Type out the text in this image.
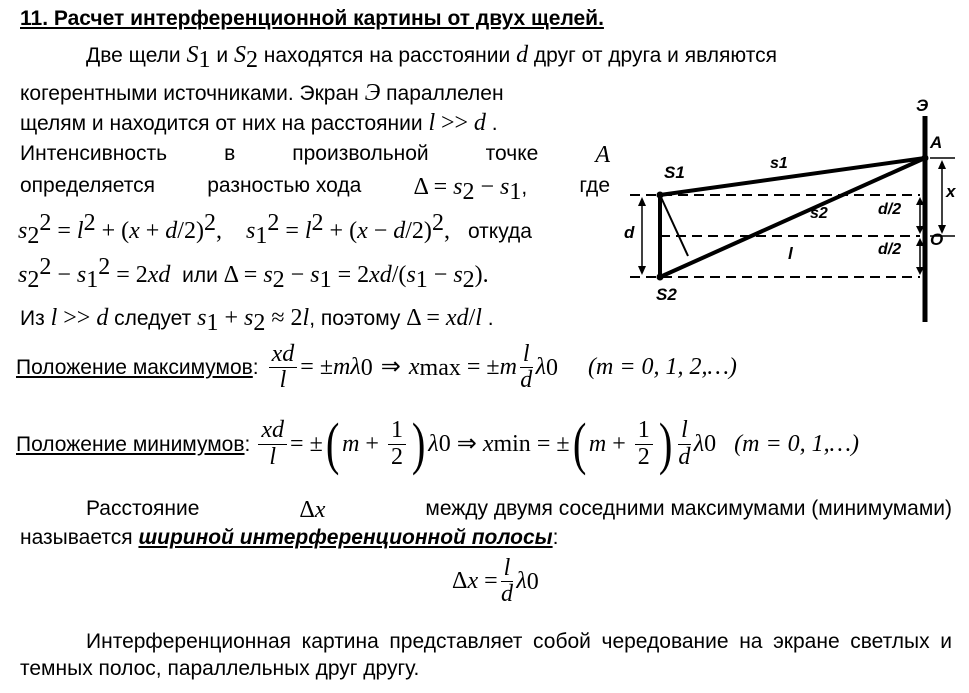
11. Расчет интерференционной картины от двух щелей.
Две щели $S_1$ и $S_2$ находятся на расстоянии d друг от друга и являются
когерентными источниками. Экран Э параллелен
щелям и находится от них на расстоянии l >> d .
Интенсивность	в	произвольной	точке A
определяется разностью хода $\Delta = s_2 - s_1$, где
$s_2^2 = l^2 + (x + d/2)^2$,    $s_1^2 = l^2 + (x - d/2)^2$,   откуда
$s_2^2 - s_1^2 = 2xd$ или $\Delta = s_2 - s_1 = 2xd/(s_1 - s_2)$.
Из l >> d следует $s_1 + s_2 \approx 2l$, поэтому Δ = xd/l .
Э
S1
S2
s1
s2
A
x
d
d/2
d/2
l
O
Положение максимумов : $\frac{xd}{l}$ = ± m λ 0 ⇒ x max = ± m $\frac{l}{d}$ λ 0 (m = 0, 1, 2,…)
Положение минимумов : $\frac{xd}{l}$ = ± ( $m + \frac{1}{2}$ ) λ 0 ⇒ x min = ± ( $m + \frac{1}{2}$ ) $\frac{l}{d}$ λ 0 (m = 0, 1,…)
Расстояние	Δx	между двумя соседними максимумами (минимумами)
называется шириной интерференционной полосы:
Δ $x = \frac{l}{d}$ λ 0
Интерференционная картина представляет собой чередование на экране светлых и темных полос, параллельных друг другу.
